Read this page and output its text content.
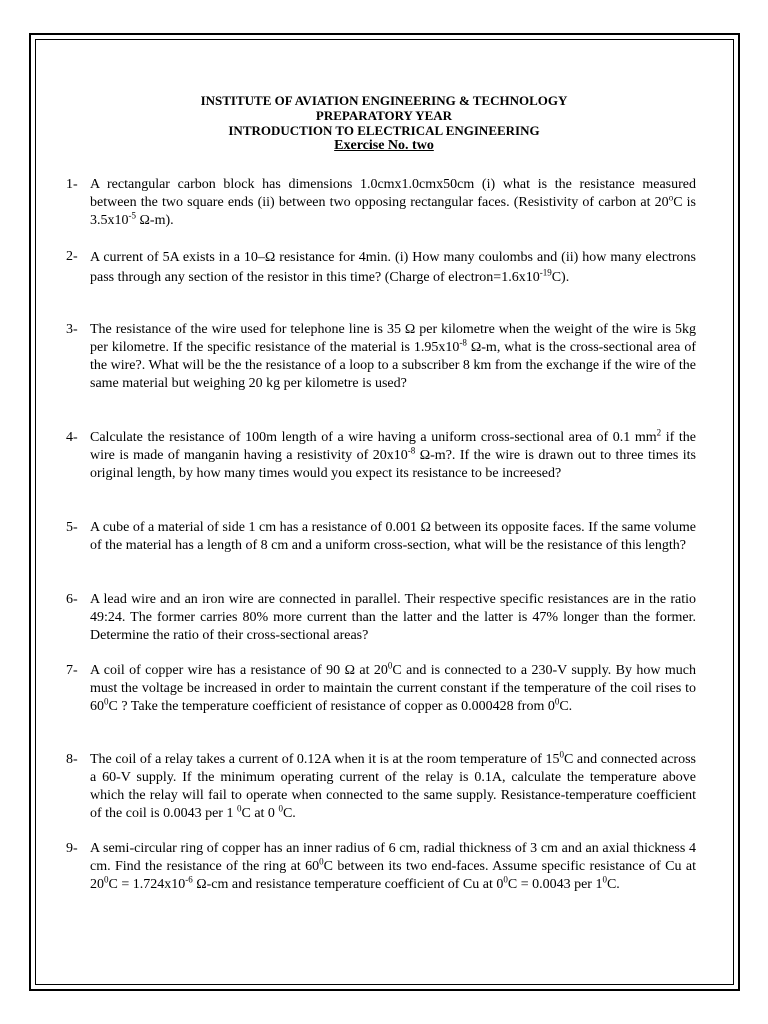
INSTITUTE OF AVIATION ENGINEERING & TECHNOLOGY
PREPARATORY YEAR
INTRODUCTION TO ELECTRICAL ENGINEERING
Exercise No. two
1- A rectangular carbon block has dimensions 1.0cmx1.0cmx50cm (i) what is the resistance measured between the two square ends (ii) between two opposing rectangular faces. (Resistivity of carbon at 20$^o$C is $3.5x10^{-5}$ Ω-m).
2- A current of 5A exists in a 10–Ω resistance for 4min. (i) How many coulombs and (ii) how many electrons pass through any section of the resistor in this time? (Charge of $electron=1.6x10^{-19}C$).
3- The resistance of the wire used for telephone line is 35 Ω per kilometre when the weight of the wire is 5kg per kilometre. If the specific resistance of the material is $1.95x10^{-8}$ Ω-m, what is the cross-sectional area of the wire?. What will be the the resistance of a loop to a subscriber 8 km from the exchange if the wire of the same material but weighing 20 kg per kilometre is used?
4- Calculate the resistance of 100m length of a wire having a uniform cross-sectional area of 0.1 $mm^2$ if the wire is made of manganin having a resistivity of $20x10^{-8}$ Ω-m?. If the wire is drawn out to three times its original length, by how many times would you expect its resistance to be increesed?
5- A cube of a material of side 1 cm has a resistance of 0.001 Ω between its opposite faces. If the same volume of the material has a length of 8 cm and a uniform cross-section, what will be the resistance of this length?
6- A lead wire and an iron wire are connected in parallel. Their respective specific resistances are in the ratio 49:24. The former carries 80% more current than the latter and the latter is 47% longer than the former. Determine the ratio of their cross-sectional areas?
7- A coil of copper wire has a resistance of 90 Ω at $20^0C$ and is connected to a 230-V supply. By how much must the voltage be increased in order to maintain the current constant if the temperature of the coil rises to $60^0C$ ? Take the temperature coefficient of resistance of copper as 0.000428 from $0^0C$.
8- The coil of a relay takes a current of 0.12A when it is at the room temperature of $15^0C$ and connected across a 60-V supply. If the minimum operating current of the relay is 0.1A, calculate the temperature above which the relay will fail to operate when connected to the same supply. Resistance-temperature coefficient of the coil is 0.0043 per 1 $^0$C at 0 $^0$C.
9- A semi-circular ring of copper has an inner radius of 6 cm, radial thickness of 3 cm and an axial thickness 4 cm. Find the resistance of the ring at $60^0C$ between its two end-faces. Assume specific resistance of Cu at $20^0C = 1.724x10^{-6}$ Ω-cm and resistance temperature coefficient of Cu at $0^0C = 0.0043$ per $1^0C$.
